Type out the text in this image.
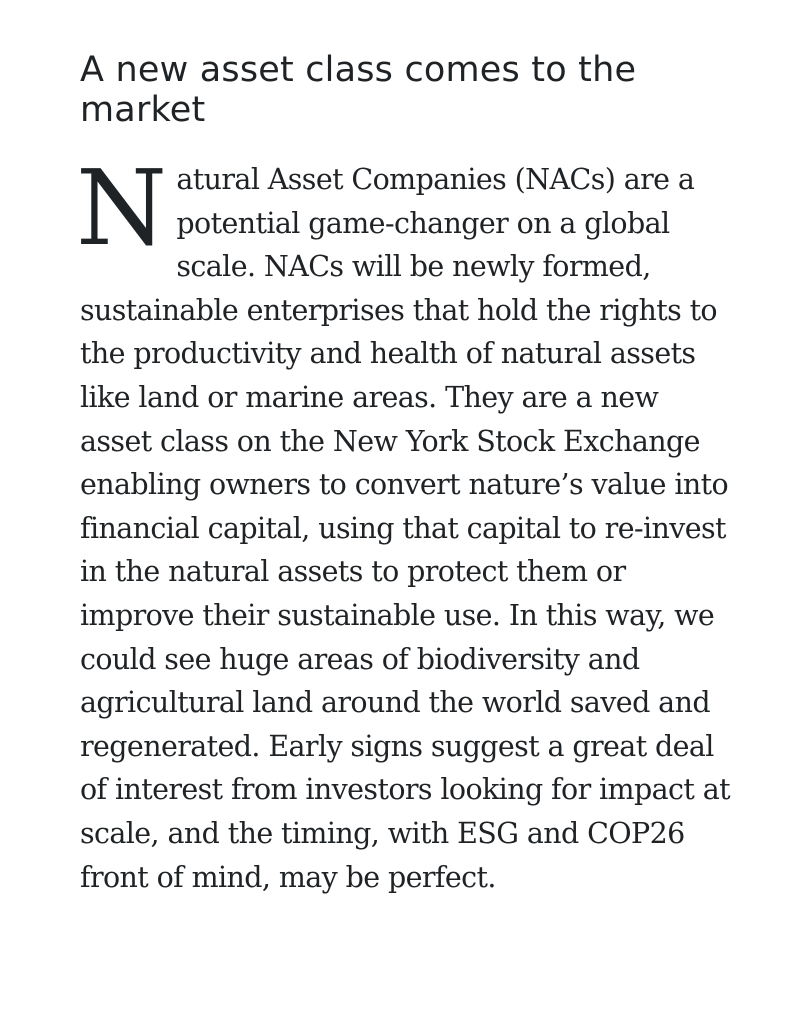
A new asset class comes to the market

Natural Asset Companies (NACs) are a potential game-changer on a global scale. NACs will be newly formed, sustainable enterprises that hold the rights to the productivity and health of natural assets like land or marine areas. They are a new asset class on the New York Stock Exchange enabling owners to convert nature’s value into financial capital, using that capital to re-invest in the natural assets to protect them or improve their sustainable use. In this way, we could see huge areas of biodiversity and agricultural land around the world saved and regenerated. Early signs suggest a great deal of interest from investors looking for impact at scale, and the timing, with ESG and COP26 front of mind, may be perfect.
